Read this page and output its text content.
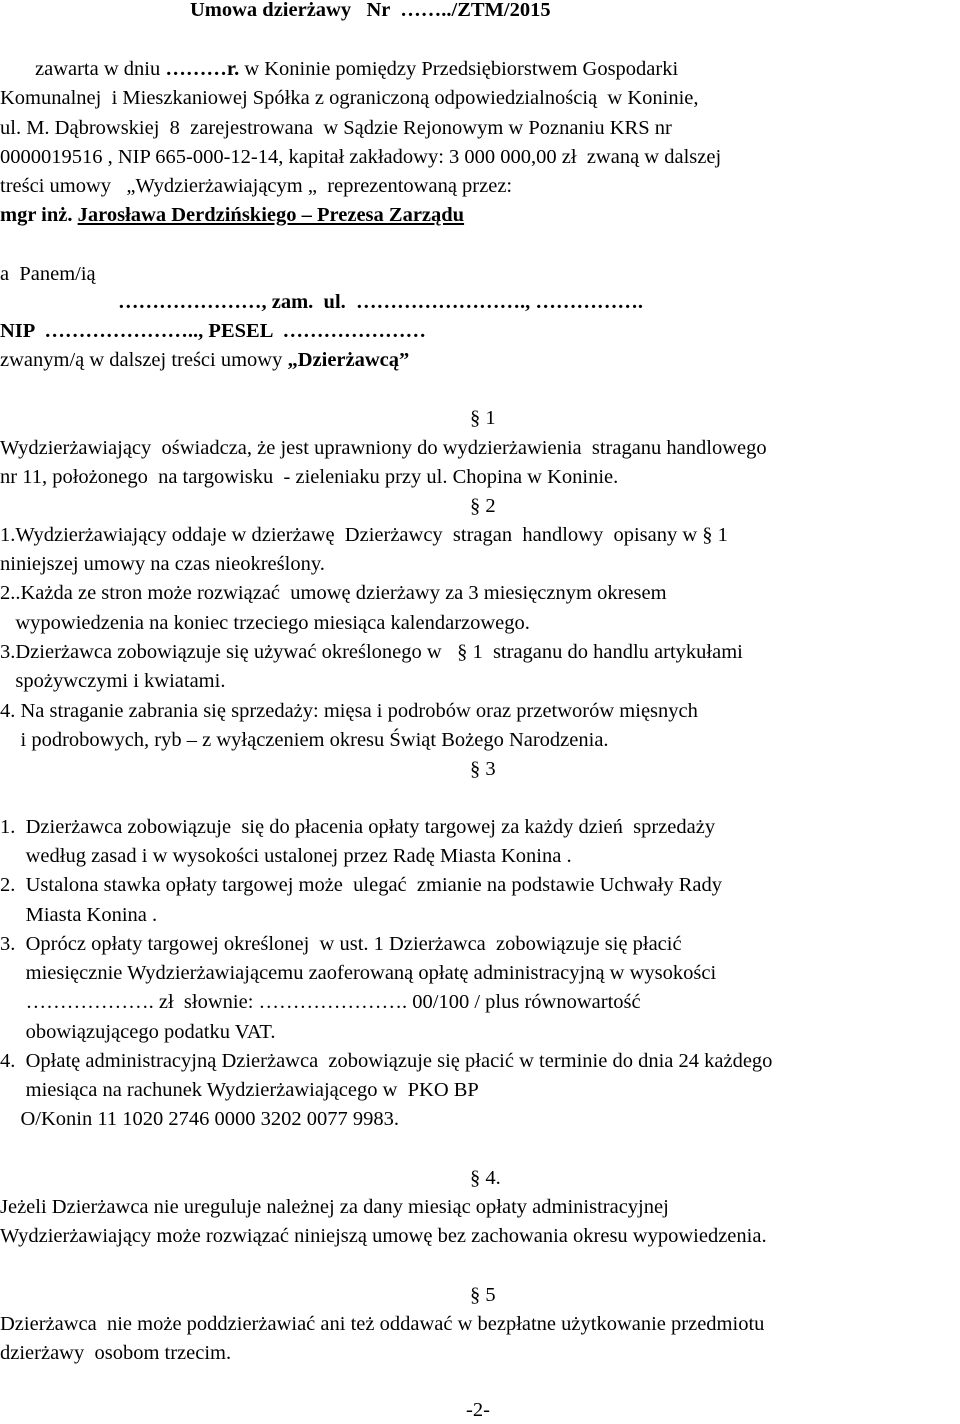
Umowa dzierżawy   Nr  ……../ZTM/2015
zawarta w dniu ………r. w Koninie pomiędzy Przedsiębiorstwem Gospodarki
Komunalnej  i Mieszkaniowej Spółka z ograniczoną odpowiedzialnością  w Koninie,
ul. M. Dąbrowskiej  8  zarejestrowana  w Sądzie Rejonowym w Poznaniu KRS nr
0000019516 , NIP 665-000-12-14, kapitał zakładowy: 3 000 000,00 zł  zwaną w dalszej
treści umowy   „Wydzierżawiającym „  reprezentowaną przez:
mgr inż. Jarosława Derdzińskiego – Prezesa Zarządu
a  Panem/ią
…………………, zam.  ul.  ……………………., …………….
NIP  ………………….., PESEL  …………………
zwanym/ą w dalszej treści umowy „Dzierżawcą”
§ 1
Wydzierżawiający  oświadcza, że jest uprawniony do wydzierżawienia  straganu handlowego
nr 11, położonego  na targowisku  - zieleniaku przy ul. Chopina w Koninie.
§ 2
1.Wydzierżawiający oddaje w dzierżawę  Dzierżawcy  stragan  handlowy  opisany w § 1
niniejszej umowy na czas nieokreślony.
2..Każda ze stron może rozwiązać  umowę dzierżawy za 3 miesięcznym okresem
wypowiedzenia na koniec trzeciego miesiąca kalendarzowego.
3.Dzierżawca zobowiązuje się używać określonego w   § 1  straganu do handlu artykułami
spożywczymi i kwiatami.
4. Na straganie zabrania się sprzedaży: mięsa i podrobów oraz przetworów mięsnych
i podrobowych, ryb – z wyłączeniem okresu Świąt Bożego Narodzenia.
§ 3
1.  Dzierżawca zobowiązuje  się do płacenia opłaty targowej za każdy dzień  sprzedaży
według zasad i w wysokości ustalonej przez Radę Miasta Konina .
2.  Ustalona stawka opłaty targowej może  ulegać  zmianie na podstawie Uchwały Rady
Miasta Konina .
3.  Oprócz opłaty targowej określonej  w ust. 1 Dzierżawca  zobowiązuje się płacić
miesięcznie Wydzierżawiającemu zaoferowaną opłatę administracyjną w wysokości
………………. zł  słownie: …………………. 00/100 / plus równowartość
obowiązującego podatku VAT.
4.  Opłatę administracyjną Dzierżawca  zobowiązuje się płacić w terminie do dnia 24 każdego
miesiąca na rachunek Wydzierżawiającego w  PKO BP
O/Konin 11 1020 2746 0000 3202 0077 9983.
§ 4.
Jeżeli Dzierżawca nie ureguluje należnej za dany miesiąc opłaty administracyjnej
Wydzierżawiający może rozwiązać niniejszą umowę bez zachowania okresu wypowiedzenia.
§ 5
Dzierżawca  nie może poddzierżawiać ani też oddawać w bezpłatne użytkowanie przedmiotu
dzierżawy  osobom trzecim.
-2-
